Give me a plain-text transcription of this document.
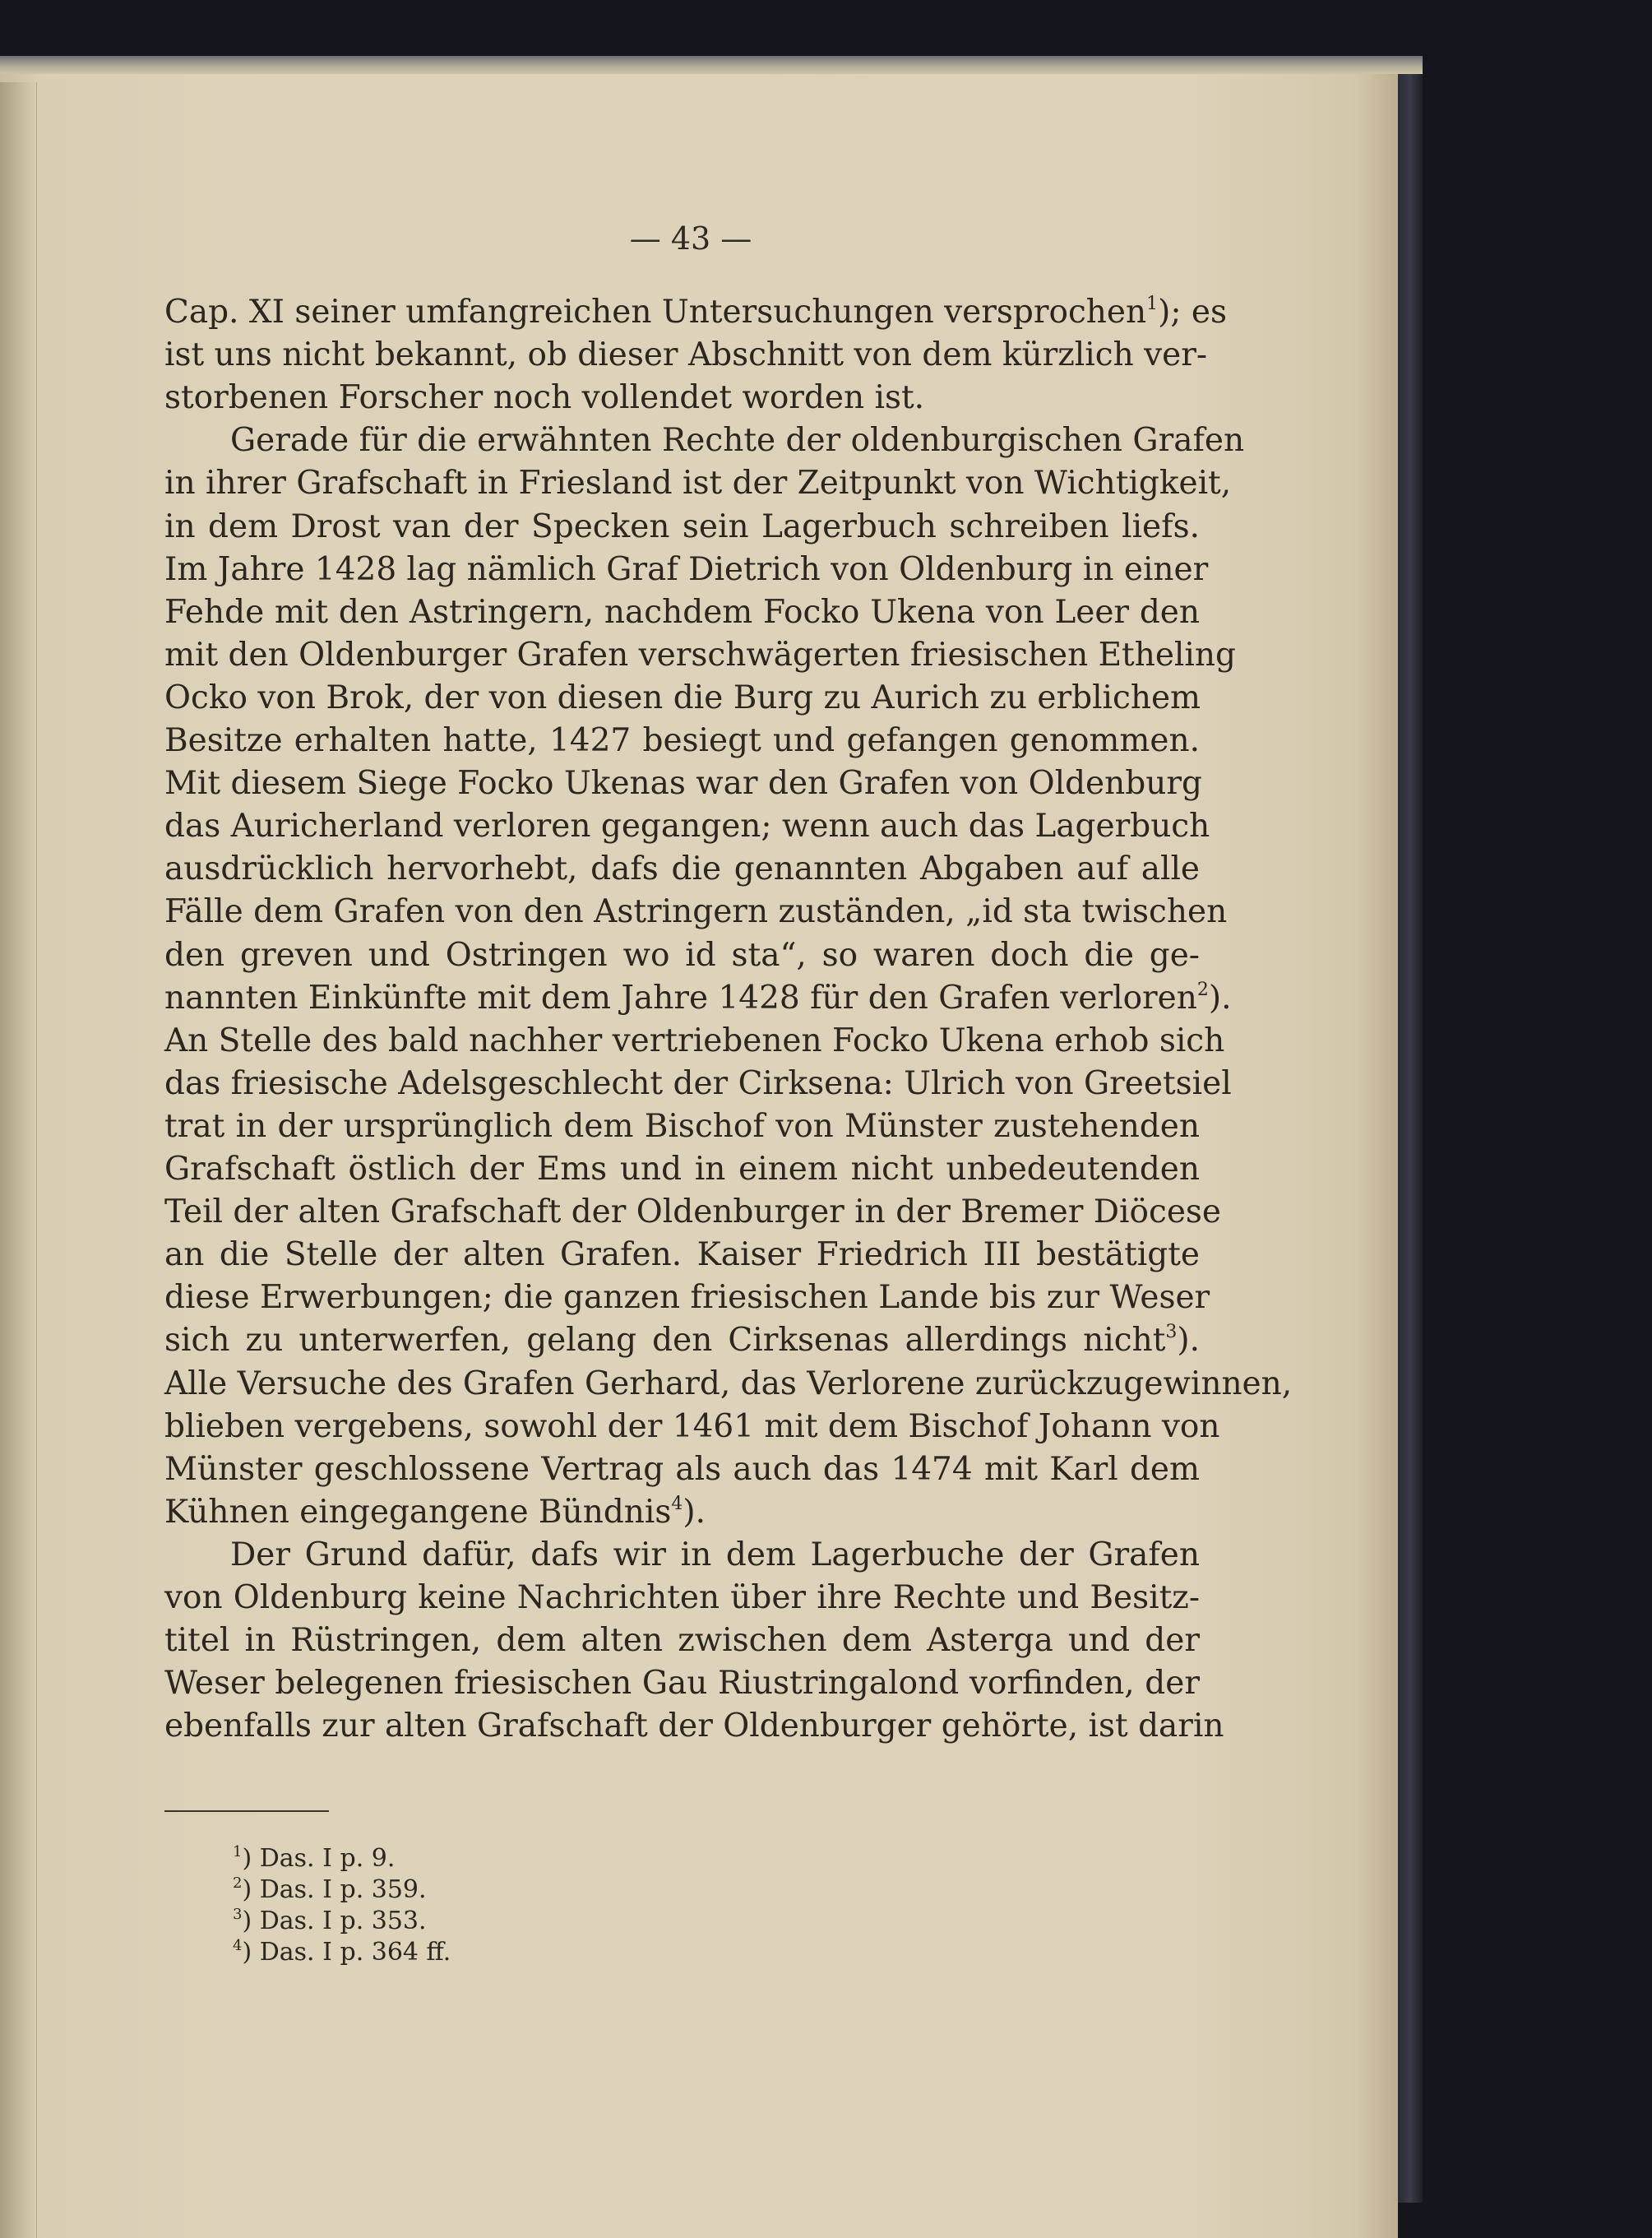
— 43 —
Cap. XI seiner umfangreichen Untersuchungen versprochen$^1$); es
ist uns nicht bekannt, ob dieser Abschnitt von dem kürzlich ver-
storbenen Forscher noch vollendet worden ist.
Gerade für die erwähnten Rechte der oldenburgischen Grafen
in ihrer Grafschaft in Friesland ist der Zeitpunkt von Wichtigkeit,
in dem Drost van der Specken sein Lagerbuch schreiben liefs.
Im Jahre 1428 lag nämlich Graf Dietrich von Oldenburg in einer
Fehde mit den Astringern, nachdem Focko Ukena von Leer den
mit den Oldenburger Grafen verschwägerten friesischen Etheling
Ocko von Brok, der von diesen die Burg zu Aurich zu erblichem
Besitze erhalten hatte, 1427 besiegt und gefangen genommen.
Mit diesem Siege Focko Ukenas war den Grafen von Oldenburg
das Auricherland verloren gegangen; wenn auch das Lagerbuch
ausdrücklich hervorhebt, dafs die genannten Abgaben auf alle
Fälle dem Grafen von den Astringern zuständen, „id sta twischen
den greven und Ostringen wo id sta“, so waren doch die ge-
nannten Einkünfte mit dem Jahre 1428 für den Grafen verloren$^2$).
An Stelle des bald nachher vertriebenen Focko Ukena erhob sich
das friesische Adelsgeschlecht der Cirksena: Ulrich von Greetsiel
trat in der ursprünglich dem Bischof von Münster zustehenden
Grafschaft östlich der Ems und in einem nicht unbedeutenden
Teil der alten Grafschaft der Oldenburger in der Bremer Diöcese
an die Stelle der alten Grafen. Kaiser Friedrich III bestätigte
diese Erwerbungen; die ganzen friesischen Lande bis zur Weser
sich zu unterwerfen, gelang den Cirksenas allerdings nicht$^3$).
Alle Versuche des Grafen Gerhard, das Verlorene zurückzugewinnen,
blieben vergebens, sowohl der 1461 mit dem Bischof Johann von
Münster geschlossene Vertrag als auch das 1474 mit Karl dem
Kühnen eingegangene Bündnis$^4$).
Der Grund dafür, dafs wir in dem Lagerbuche der Grafen
von Oldenburg keine Nachrichten über ihre Rechte und Besitz-
titel in Rüstringen, dem alten zwischen dem Asterga und der
Weser belegenen friesischen Gau Riustringalond vorfinden, der
ebenfalls zur alten Grafschaft der Oldenburger gehörte, ist darin
$^1$) Das. I p. 9.
$^2$) Das. I p. 359.
$^3$) Das. I p. 353.
$^4$) Das. I p. 364 ff.
